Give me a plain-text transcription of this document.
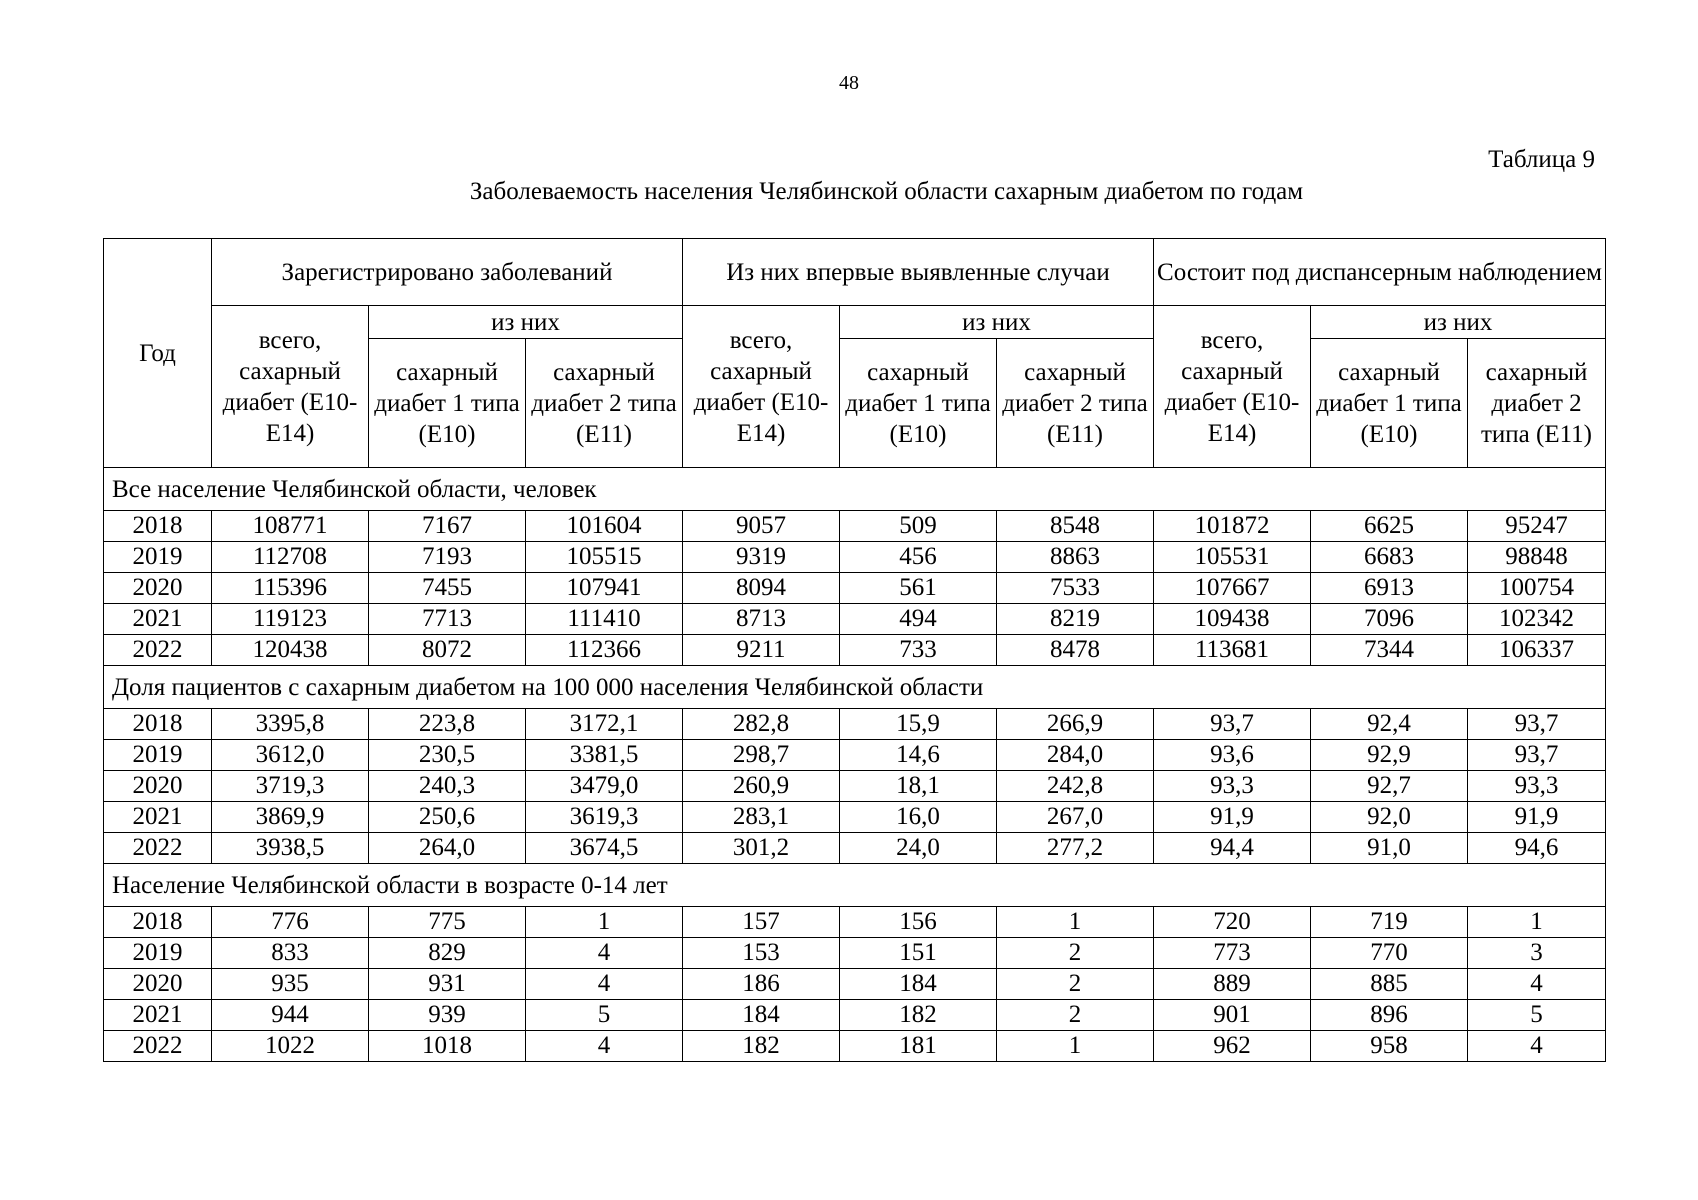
48
Таблица 9
Заболеваемость населения Челябинской области сахарным диабетом по годам
Год	Зарегистрировано заболеваний			Из них впервые выявленные случаи			Состоит под диспансерным наблюдением		
	всего, сахарный диабет (Е10-Е14)	из них		всего, сахарный диабет (Е10-Е14)	из них		всего, сахарный диабет (Е10-Е14)	из них	
		сахарный диабет 1 типа (Е10)	сахарный диабет 2 типа (Е11)		сахарный диабет 1 типа (Е10)	сахарный диабет 2 типа (Е11)		сахарный диабет 1 типа (Е10)	сахарный диабет 2 типа (Е11)
Все население Челябинской области, человек									
2018	108771	7167	101604	9057	509	8548	101872	6625	95247
2019	112708	7193	105515	9319	456	8863	105531	6683	98848
2020	115396	7455	107941	8094	561	7533	107667	6913	100754
2021	119123	7713	111410	8713	494	8219	109438	7096	102342
2022	120438	8072	112366	9211	733	8478	113681	7344	106337
Доля пациентов с сахарным диабетом на 100 000 населения Челябинской области									
2018	3395,8	223,8	3172,1	282,8	15,9	266,9	93,7	92,4	93,7
2019	3612,0	230,5	3381,5	298,7	14,6	284,0	93,6	92,9	93,7
2020	3719,3	240,3	3479,0	260,9	18,1	242,8	93,3	92,7	93,3
2021	3869,9	250,6	3619,3	283,1	16,0	267,0	91,9	92,0	91,9
2022	3938,5	264,0	3674,5	301,2	24,0	277,2	94,4	91,0	94,6
Население Челябинской области в возрасте 0-14 лет									
2018	776	775	1	157	156	1	720	719	1
2019	833	829	4	153	151	2	773	770	3
2020	935	931	4	186	184	2	889	885	4
2021	944	939	5	184	182	2	901	896	5
2022	1022	1018	4	182	181	1	962	958	4
